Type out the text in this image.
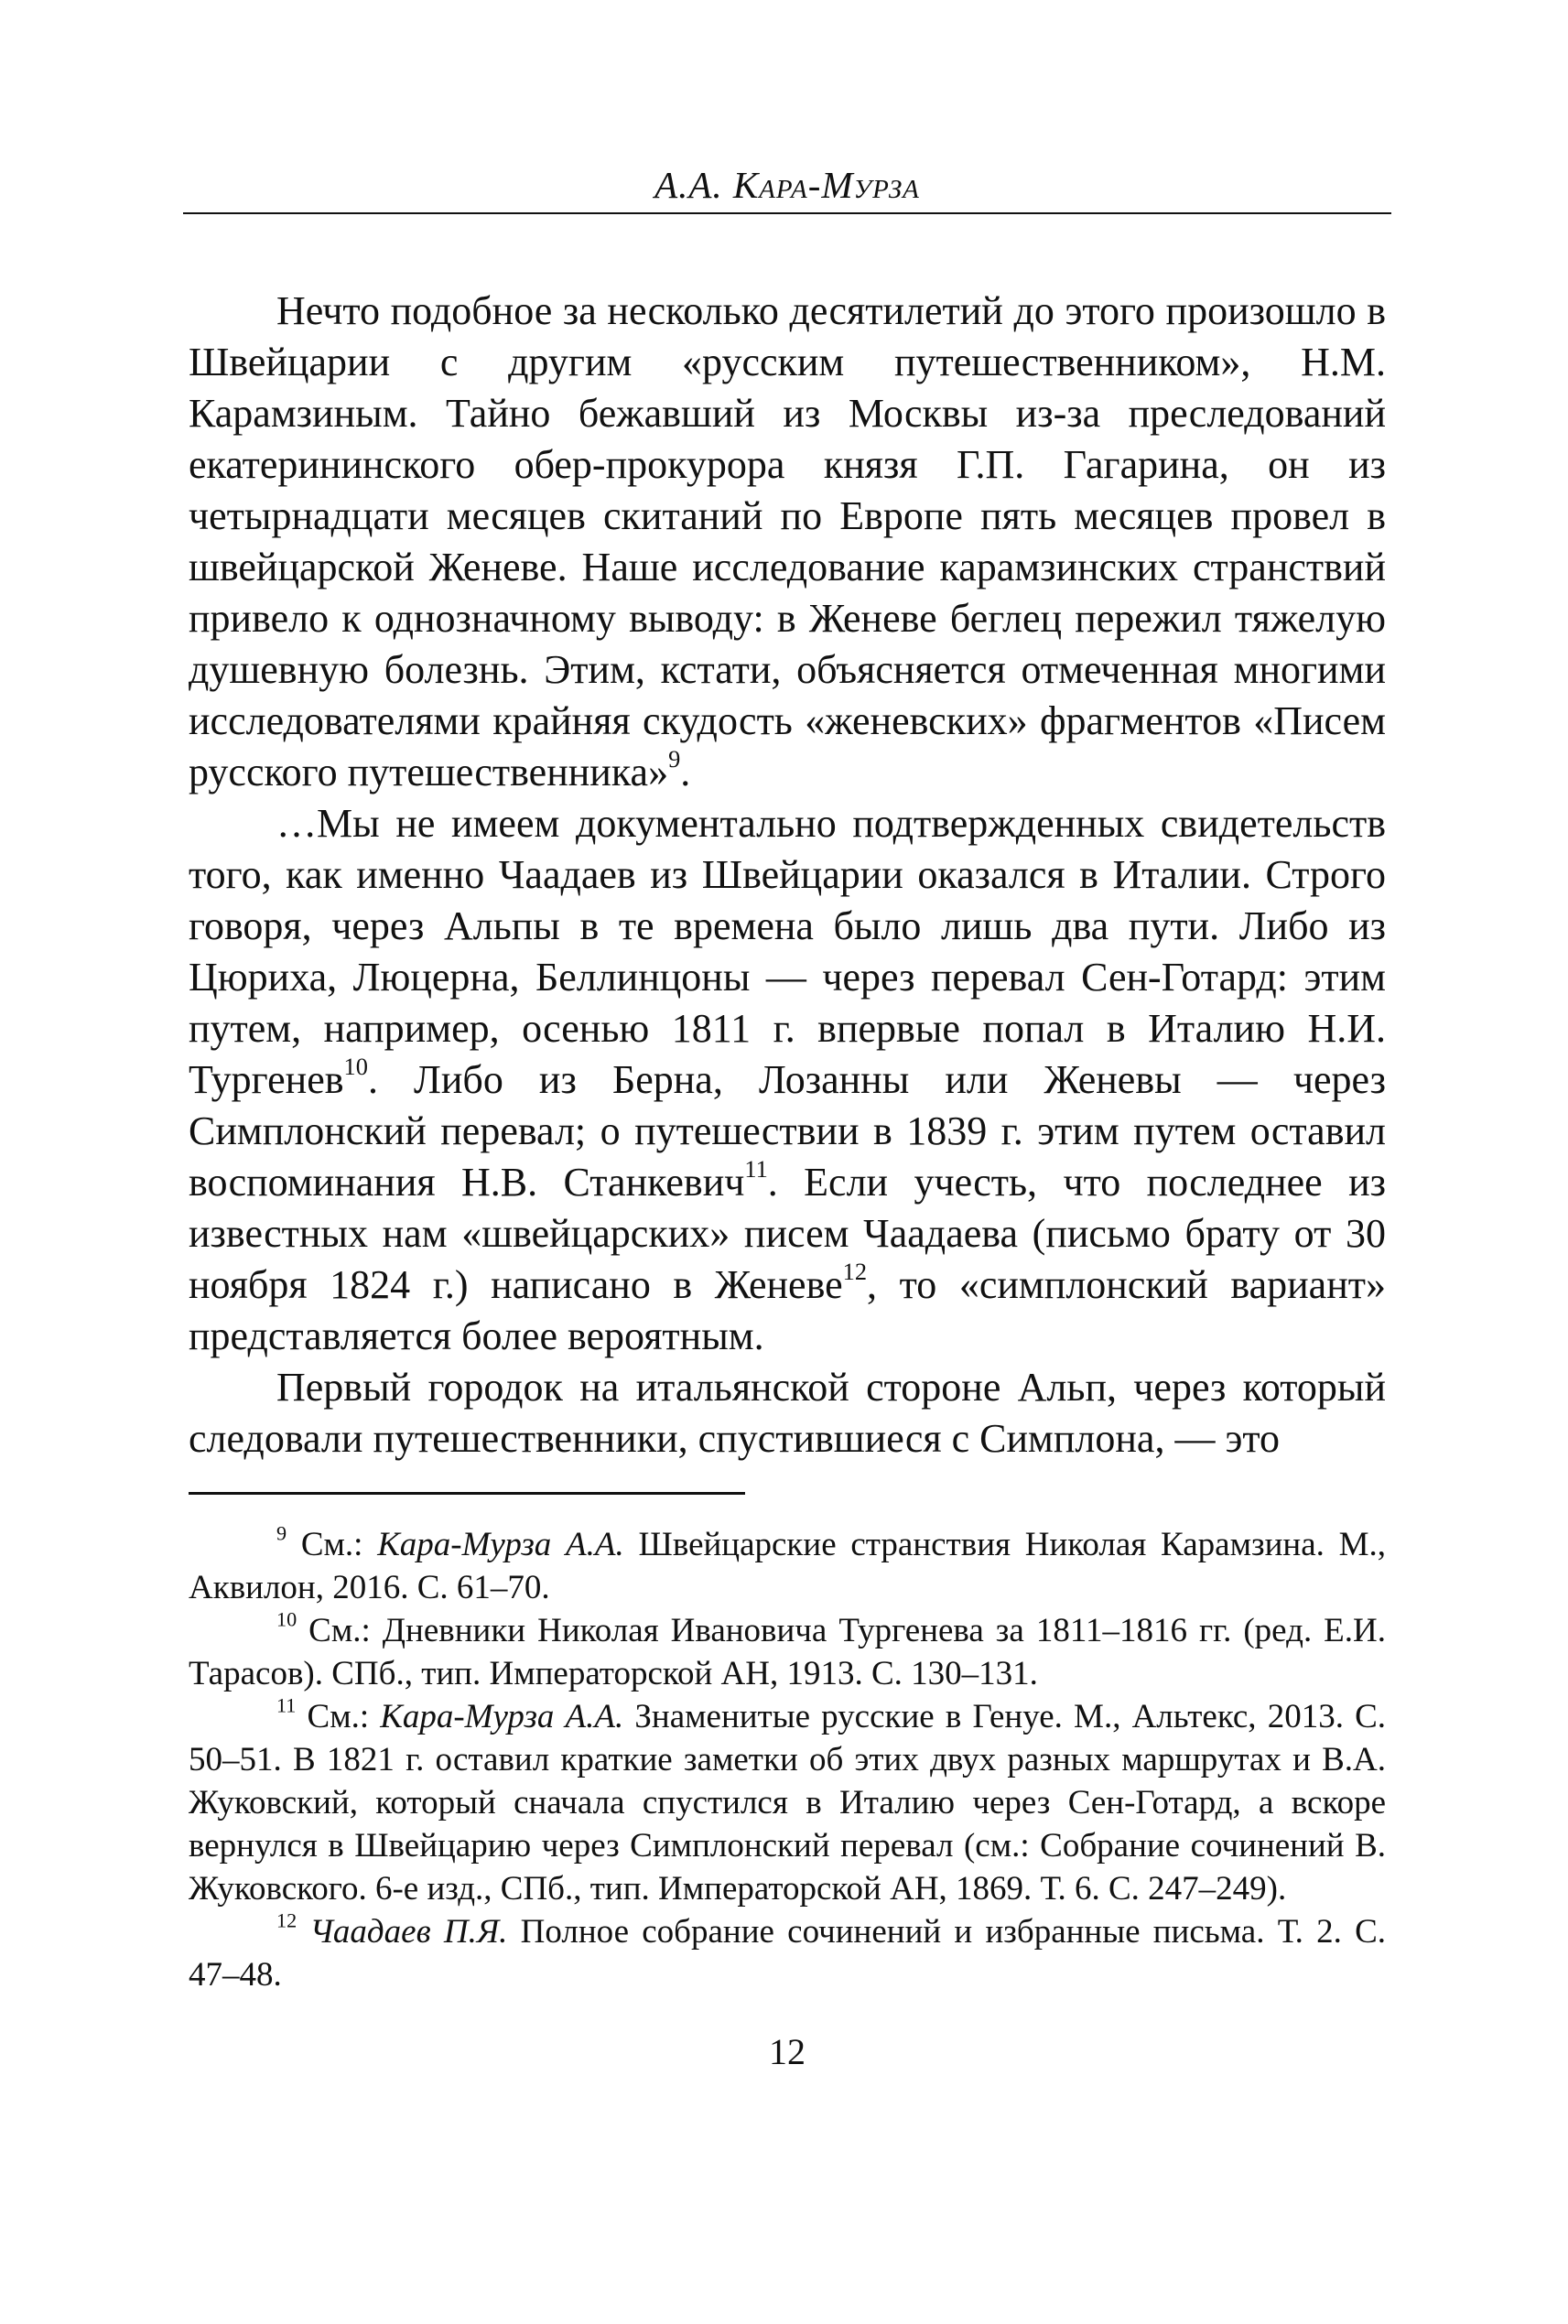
А.А. Кара-Мурза

Нечто подобное за несколько десятилетий до этого произошло в Швейцарии с другим «русским путешественником», Н.М. Карамзиным. Тайно бежавший из Москвы из-за преследований екатерининского обер-прокурора князя Г.П. Гагарина, он из четырнадцати месяцев скитаний по Европе пять месяцев провел в швейцарской Женеве. Наше исследование карамзинских странствий привело к однозначному выводу: в Женеве беглец пережил тяжелую душевную болезнь. Этим, кстати, объясняется отмеченная многими исследователями крайняя скудость «женевских» фрагментов «Писем русского путешественника»$^9$.

…Мы не имеем документально подтвержденных свидетельств того, как именно Чаадаев из Швейцарии оказался в Италии. Строго говоря, через Альпы в те времена было лишь два пути. Либо из Цюриха, Люцерна, Беллинцоны — через перевал Сен-Готард: этим путем, например, осенью 1811 г. впервые попал в Италию Н.И. Тургенев$^{10}$. Либо из Берна, Лозанны или Женевы — через Симплонский перевал; о путешествии в 1839 г. этим путем оставил воспоминания Н.В. Станкевич$^{11}$. Если учесть, что последнее из известных нам «швейцарских» писем Чаадаева (письмо брату от 30 ноября 1824 г.) написано в Женеве$^{12}$, то «симплонский вариант» представляется более вероятным.

Первый городок на итальянской стороне Альп, через который следовали путешественники, спустившиеся с Симплона, — это

$^9$ См.: Кара-Мурза А.А. Швейцарские странствия Николая Карамзина. М., Аквилон, 2016. С. 61–70.

$^{10}$ См.: Дневники Николая Ивановича Тургенева за 1811–1816 гг. (ред. Е.И. Тарасов). СПб., тип. Императорской АН, 1913. С. 130–131.

$^{11}$ См.: Кара-Мурза А.А. Знаменитые русские в Генуе. М., Альтекс, 2013. С. 50–51. В 1821 г. оставил краткие заметки об этих двух разных маршрутах и В.А. Жуковский, который сначала спустился в Италию через Сен-Готард, а вскоре вернулся в Швейцарию через Симплонский перевал (см.: Собрание сочинений В. Жуковского. 6-е изд., СПб., тип. Императорской АН, 1869. Т. 6. С. 247–249).

$^{12}$ Чаадаев П.Я. Полное собрание сочинений и избранные письма. Т. 2. С. 47–48.

12
